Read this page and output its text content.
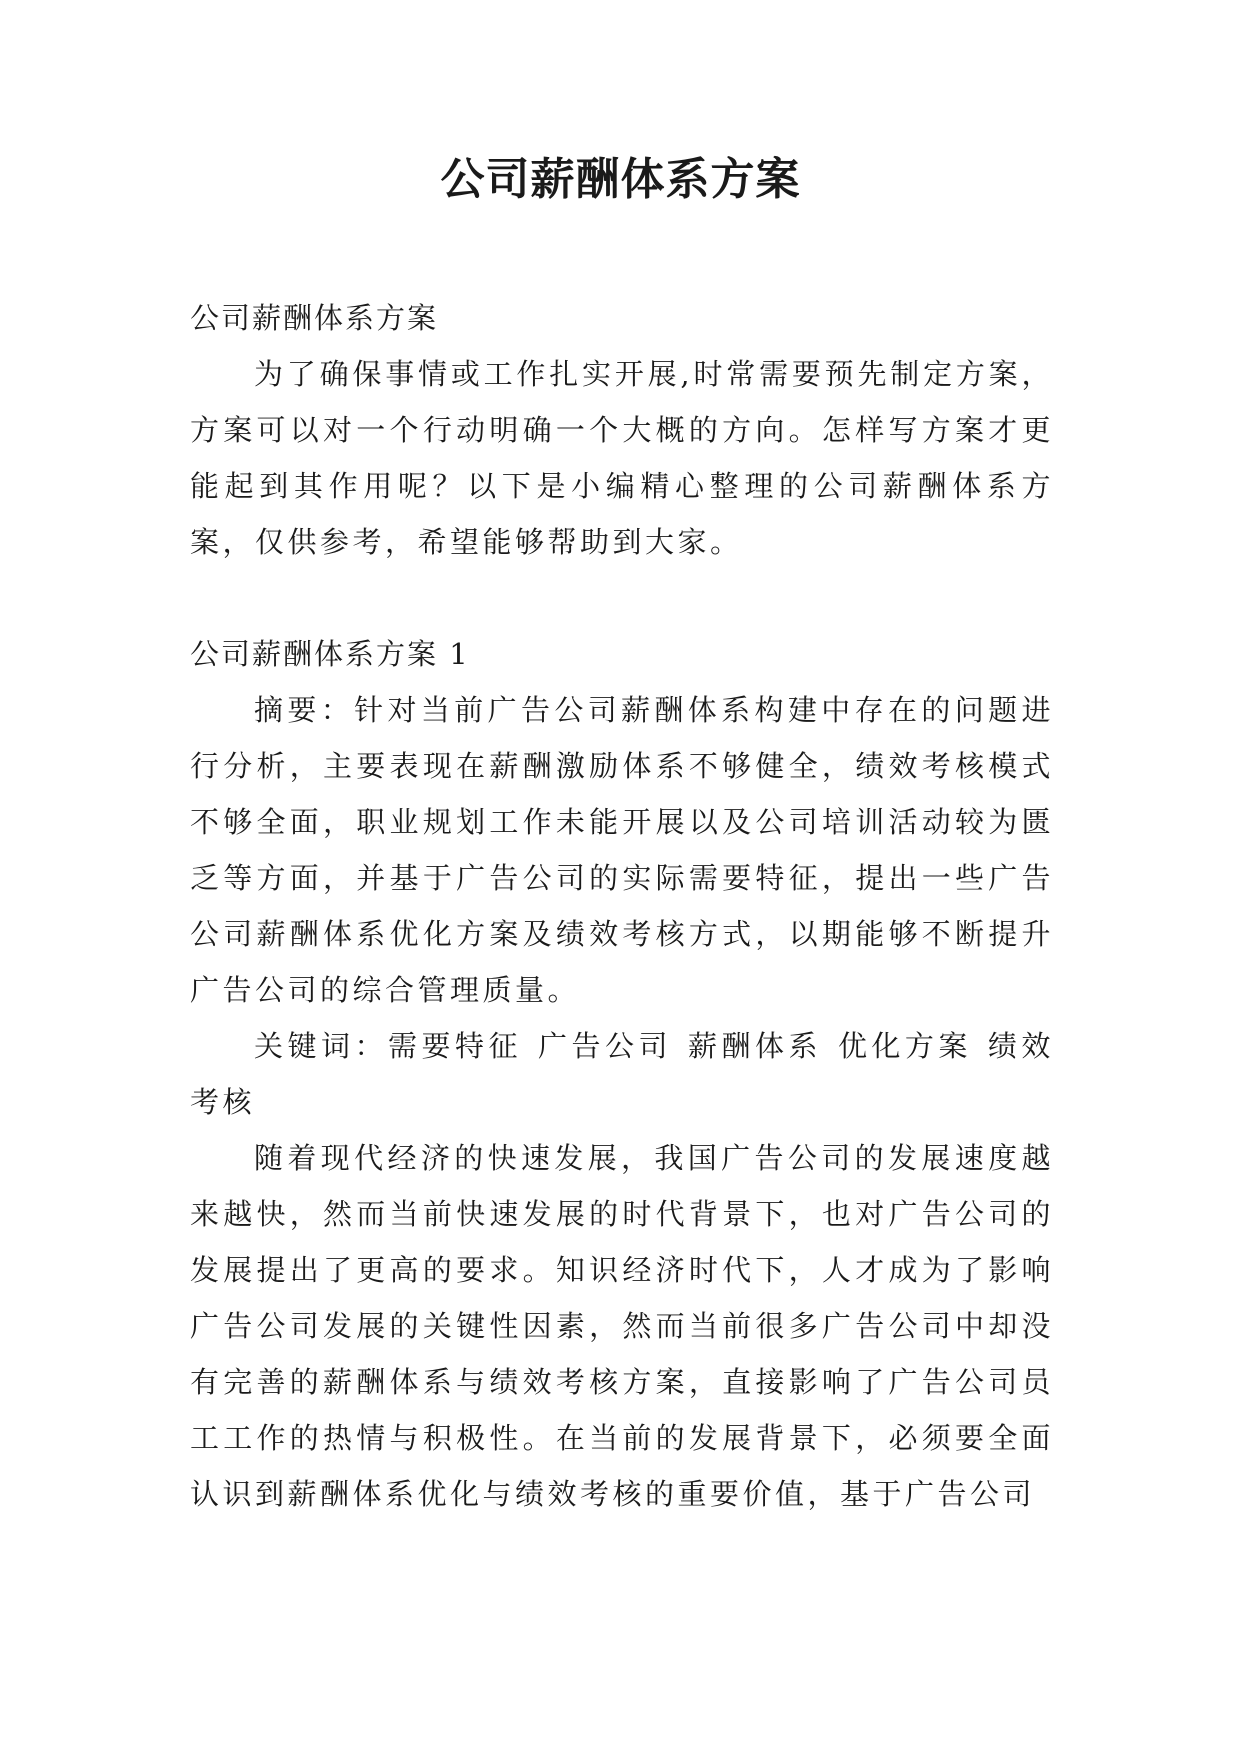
公司薪酬体系方案

公司薪酬体系方案

为了确保事情或工作扎实开展,时常需要预先制定方案，方案可以对一个行动明确一个大概的方向。怎样写方案才更能起到其作用呢？以下是小编精心整理的公司薪酬体系方案，仅供参考，希望能够帮助到大家。

公司薪酬体系方案 1

摘要：针对当前广告公司薪酬体系构建中存在的问题进行分析，主要表现在薪酬激励体系不够健全，绩效考核模式不够全面，职业规划工作未能开展以及公司培训活动较为匮乏等方面，并基于广告公司的实际需要特征，提出一些广告公司薪酬体系优化方案及绩效考核方式，以期能够不断提升广告公司的综合管理质量。

关键词：需要特征 广告公司 薪酬体系 优化方案 绩效考核

随着现代经济的快速发展，我国广告公司的发展速度越来越快，然而当前快速发展的时代背景下，也对广告公司的发展提出了更高的要求。知识经济时代下，人才成为了影响广告公司发展的关键性因素，然而当前很多广告公司中却没有完善的薪酬体系与绩效考核方案，直接影响了广告公司员工工作的热情与积极性。在当前的发展背景下，必须要全面认识到薪酬体系优化与绩效考核的重要价值，基于广告公司
